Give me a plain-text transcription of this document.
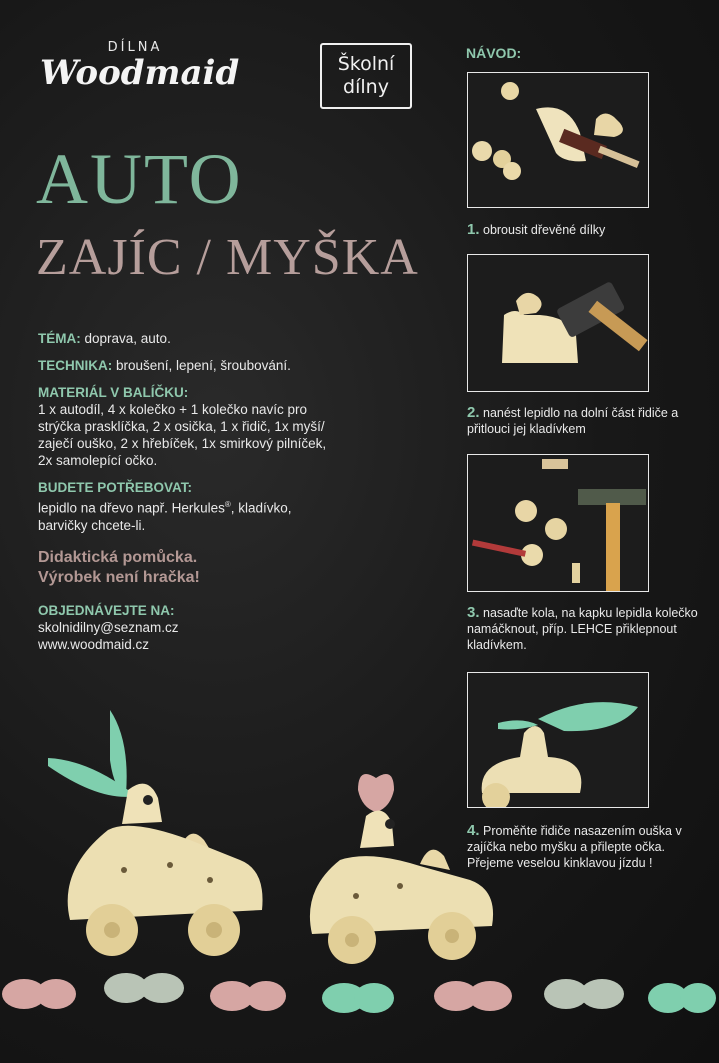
DÍLNA
Woodmaid	Školní
dílny
AUTO
ZAJÍC / MYŠKA
TÉMA: doprava, auto.
TECHNIKA: broušení, lepení, šroubování.
MATERIÁL V BALÍČKU:
1 x autodíl, 4 x kolečko + 1 kolečko navíc pro strýčka prasklíčka, 2 x osička, 1 x řidič, 1x myší/ zaječí ouško, 2 x hřebíček, 1x smirkový pilníček, 2x samolepící očko.
BUDETE POTŘEBOVAT:
lepidlo na dřevo např. Herkules®, kladívko, barvičky chcete-li.
Didaktická pomůcka.
Výrobek není hračka!
OBJEDNÁVEJTE NA:
skolnidilny@seznam.cz
www.woodmaid.cz
NÁVOD:
1. obrousit dřevěné dílky
2. nanést lepidlo na dolní část řidiče a přitlouci jej kladívkem
3. nasaďte kola, na kapku lepidla kolečko namáčknout, příp. LEHCE přiklepnout kladívkem.
4. Proměňte řidiče nasazením ouška v zajíčka nebo myšku a přilepte očka. Přejeme veselou kinklavou jízdu !
